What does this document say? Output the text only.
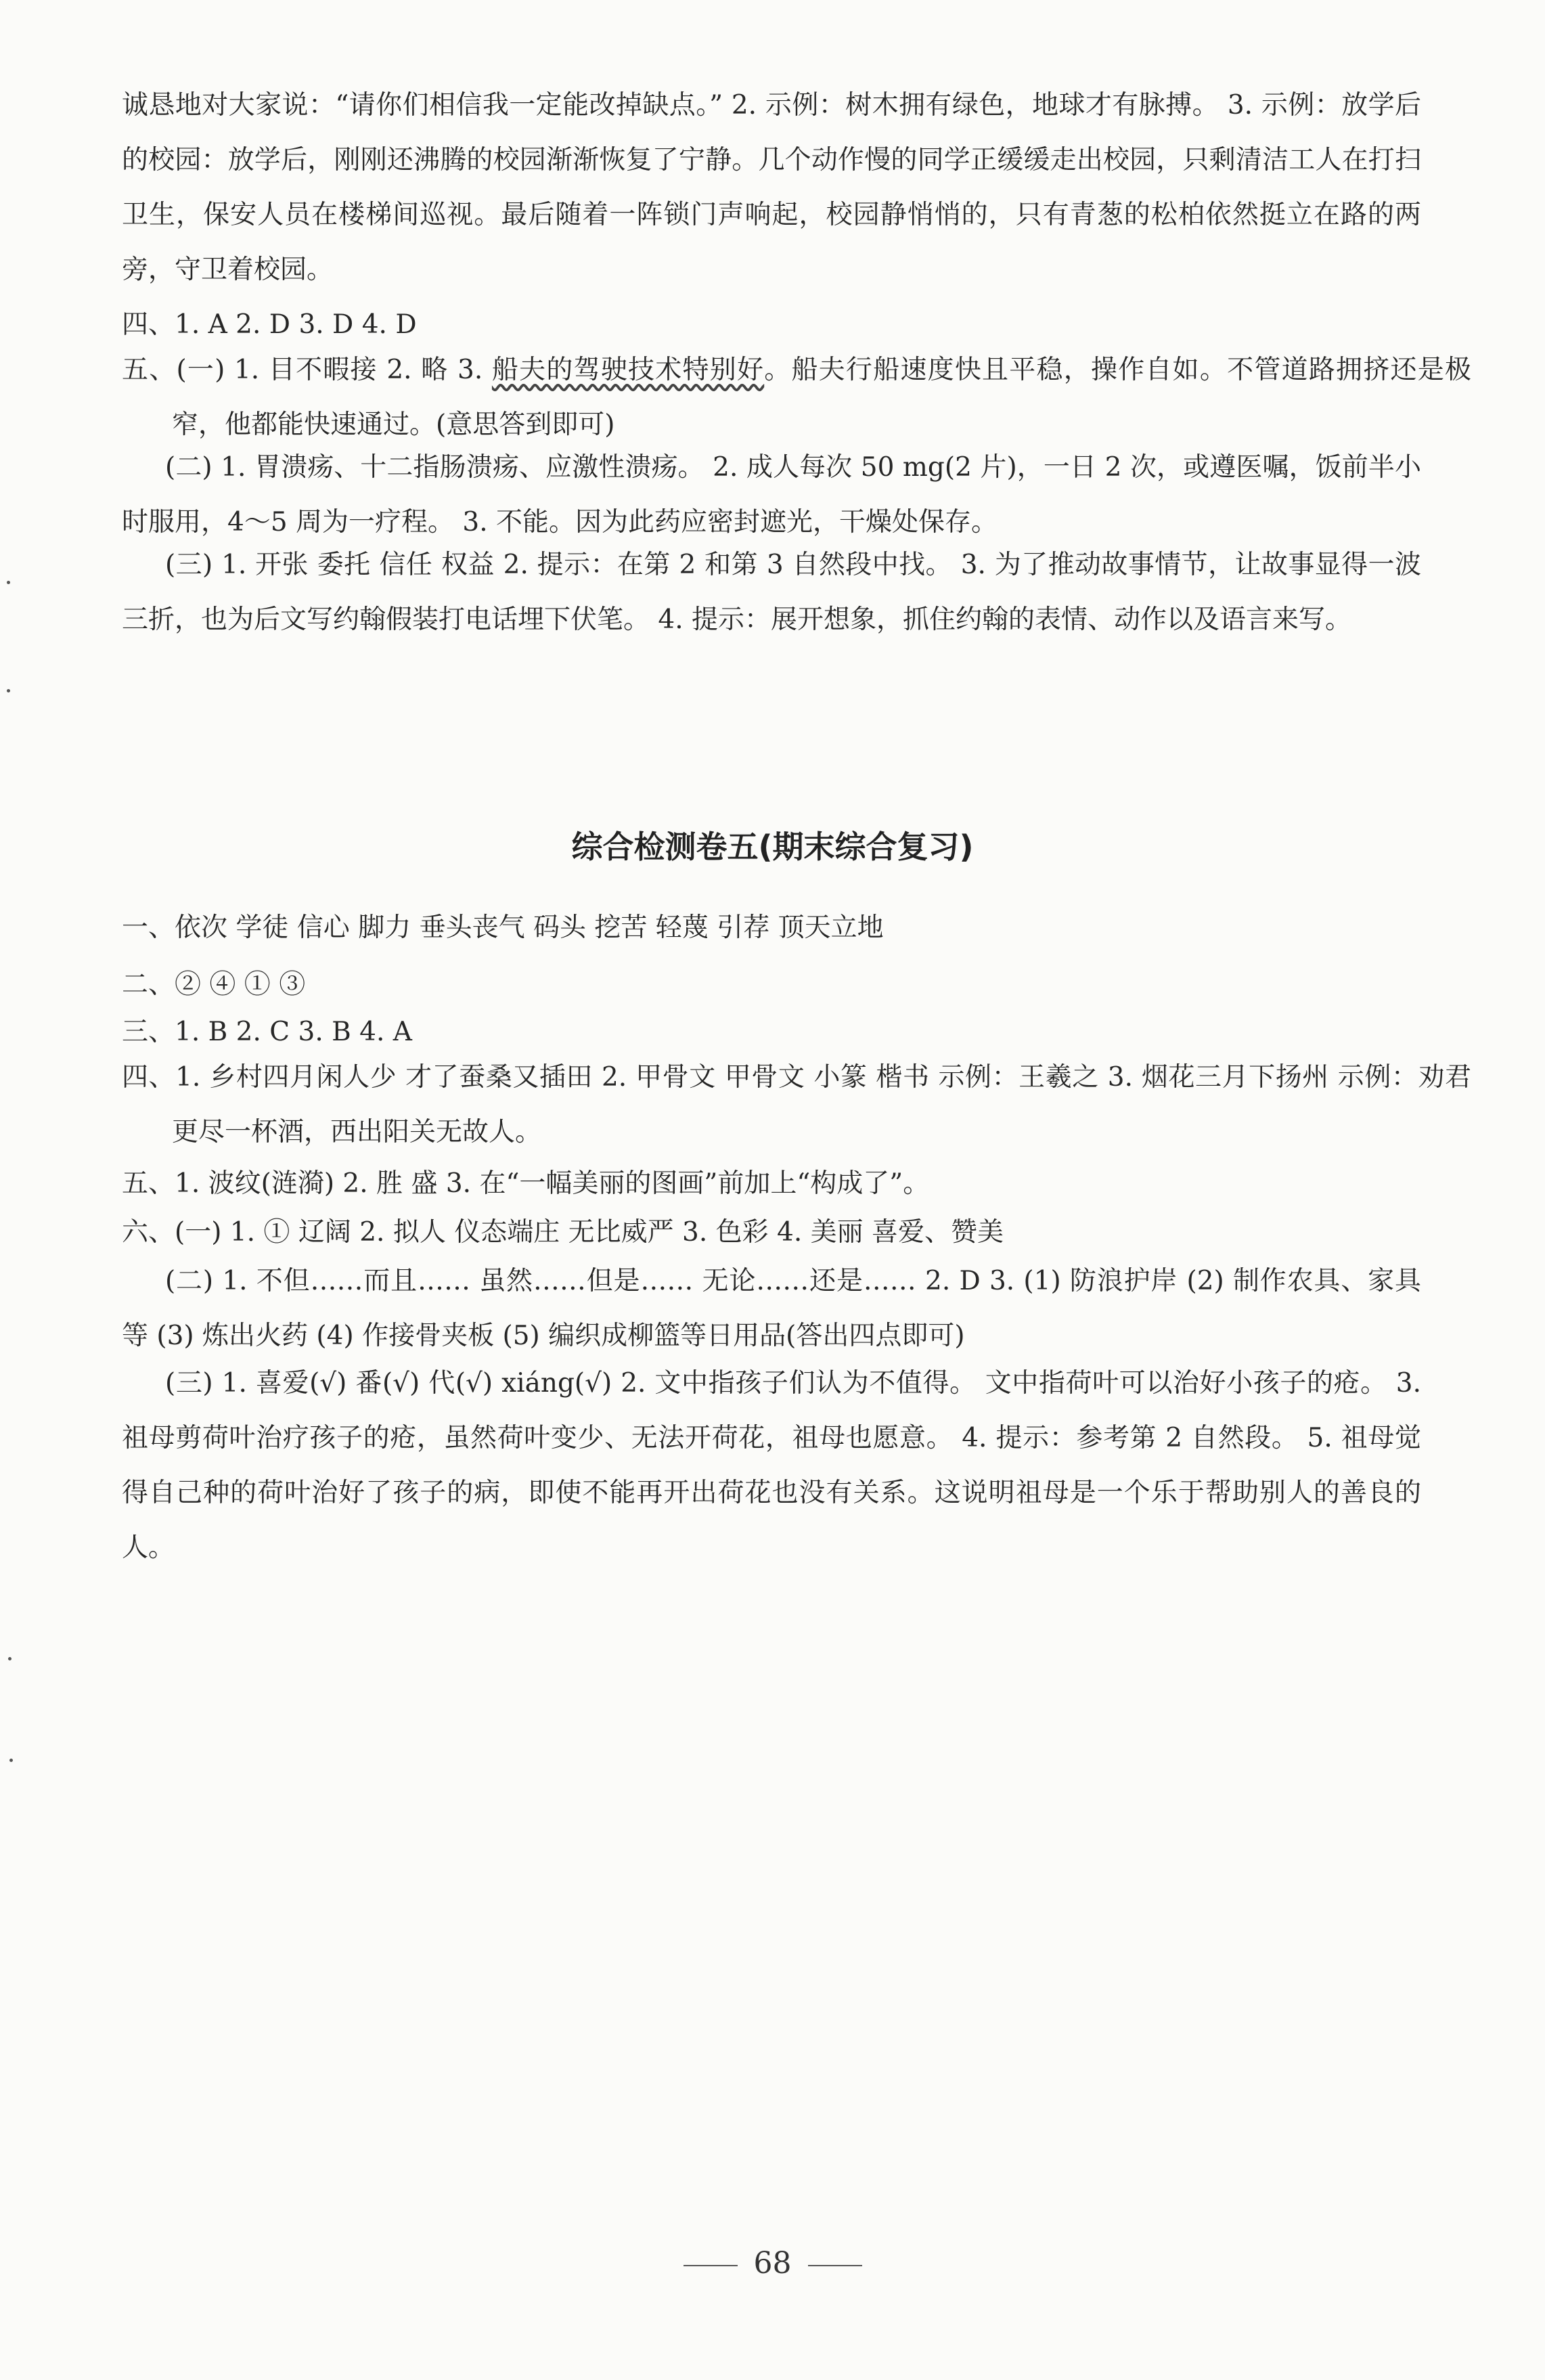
诚恳地对大家说：“请你们相信我一定能改掉缺点。” 2. 示例：树木拥有绿色，地球才有脉搏。 3. 示例：放学后的校园：放学后，刚刚还沸腾的校园渐渐恢复了宁静。几个动作慢的同学正缓缓走出校园，只剩清洁工人在打扫卫生，保安人员在楼梯间巡视。最后随着一阵锁门声响起，校园静悄悄的，只有青葱的松柏依然挺立在路的两旁，守卫着校园。

四、1. A 2. D 3. D 4. D

五、(一) 1. 目不暇接 2. 略 3. 船夫的驾驶技术特别好。船夫行船速度快且平稳，操作自如。不管道路拥挤还是极窄，他都能快速通过。(意思答到即可)

(二) 1. 胃溃疡、十二指肠溃疡、应激性溃疡。 2. 成人每次 50 mg(2 片)，一日 2 次，或遵医嘱，饭前半小时服用，4～5 周为一疗程。 3. 不能。因为此药应密封遮光，干燥处保存。

(三) 1. 开张 委托 信任 权益 2. 提示：在第 2 和第 3 自然段中找。 3. 为了推动故事情节，让故事显得一波三折，也为后文写约翰假装打电话埋下伏笔。 4. 提示：展开想象，抓住约翰的表情、动作以及语言来写。

综合检测卷五(期末综合复习)

一、依次 学徒 信心 脚力 垂头丧气 码头 挖苦 轻蔑 引荐 顶天立地

二、② ④ ① ③

三、1. B 2. C 3. B 4. A

四、1. 乡村四月闲人少 才了蚕桑又插田 2. 甲骨文 甲骨文 小篆 楷书 示例：王羲之 3. 烟花三月下扬州 示例：劝君更尽一杯酒，西出阳关无故人。

五、1. 波纹(涟漪) 2. 胜 盛 3. 在“一幅美丽的图画”前加上“构成了”。

六、(一) 1. ① 辽阔 2. 拟人 仪态端庄 无比威严 3. 色彩 4. 美丽 喜爱、赞美

(二) 1. 不但……而且…… 虽然……但是…… 无论……还是…… 2. D 3. (1) 防浪护岸 (2) 制作农具、家具等 (3) 炼出火药 (4) 作接骨夹板 (5) 编织成柳篮等日用品(答出四点即可)

(三) 1. 喜爱(√) 番(√) 代(√) xiáng(√) 2. 文中指孩子们认为不值得。 文中指荷叶可以治好小孩子的疮。 3. 祖母剪荷叶治疗孩子的疮，虽然荷叶变少、无法开荷花，祖母也愿意。 4. 提示：参考第 2 自然段。 5. 祖母觉得自己种的荷叶治好了孩子的病，即使不能再开出荷花也没有关系。这说明祖母是一个乐于帮助别人的善良的人。

68
